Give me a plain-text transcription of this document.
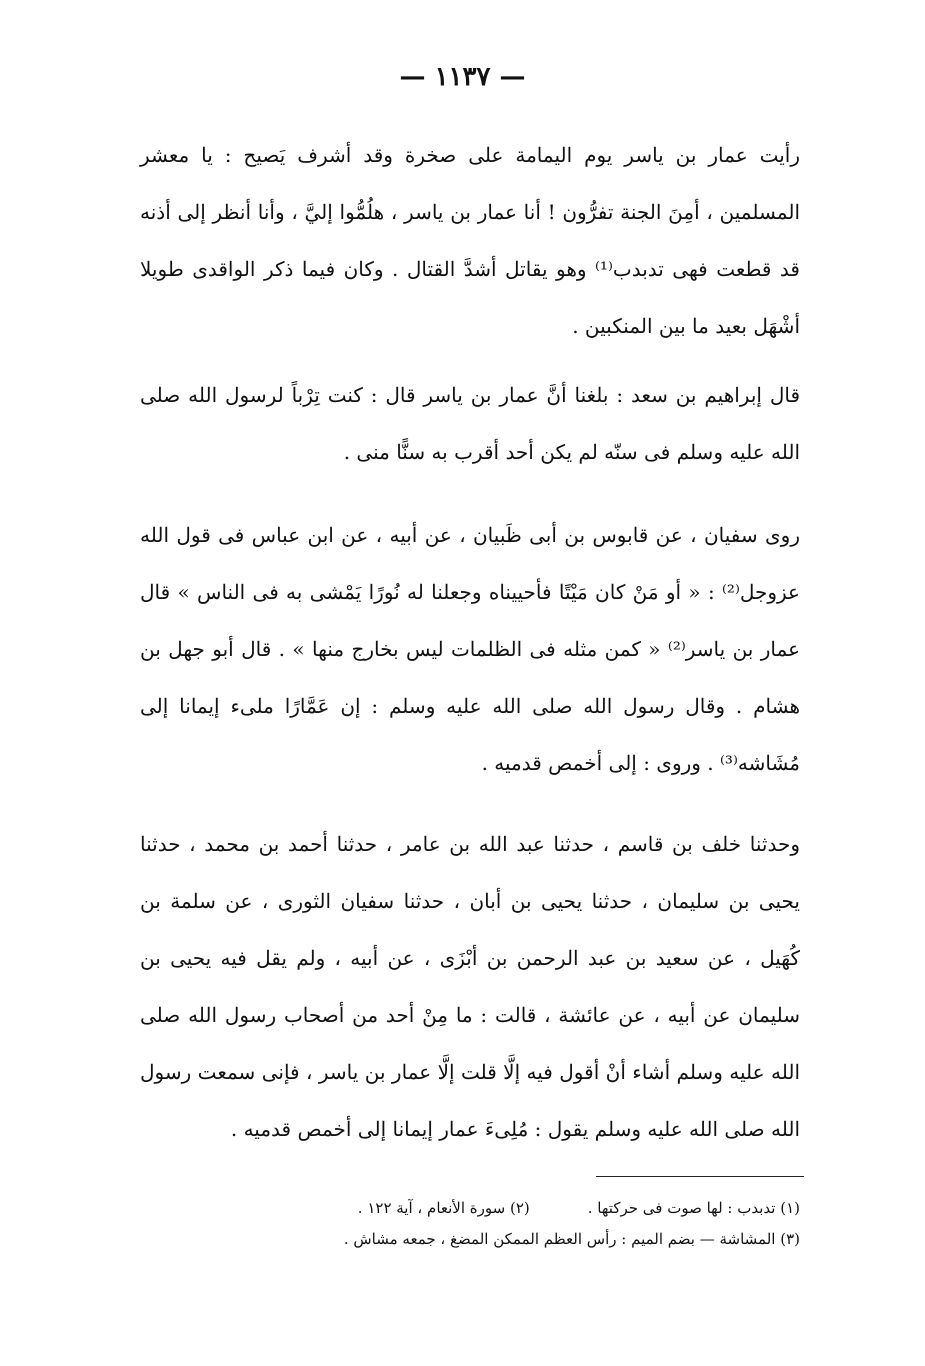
— ١١٣٧ —
رأيت عمار بن ياسر يوم اليمامة على صخرة وقد أشرف يَصيح : يا معشر المسلمين ، أمِنَ الجنة تفرُّون ! أنا عمار بن ياسر ، هلُمُّوا إليَّ ، وأنا أنظر إلى أذنه قد قطعت فهى تدبدب⁽¹⁾ وهو يقاتل أشدَّ القتال . وكان فيما ذكر الواقدى طويلا أشْهَل بعيد ما بين المنكبين .
قال إبراهيم بن سعد : بلغنا أنَّ عمار بن ياسر قال : كنت تِرْباً لرسول الله صلى الله عليه وسلم فى سنّه لم يكن أحد أقرب به سنًّا منى .
روى سفيان ، عن قابوس بن أبى ظَبيان ، عن أبيه ، عن ابن عباس فى قول الله عزوجل⁽²⁾ : « أو مَنْ كان مَيْتًا فأحييناه وجعلنا له نُورًا يَمْشى به فى الناس » قال عمار بن ياسر⁽²⁾ « كمن مثله فى الظلمات ليس بخارج منها » . قال أبو جهل بن هشام . وقال رسول الله صلى الله عليه وسلم : إن عَمَّارًا ملىء إيمانا إلى مُشَاشه⁽³⁾ . وروى : إلى أخمص قدميه .
وحدثنا خلف بن قاسم ، حدثنا عبد الله بن عامر ، حدثنا أحمد بن محمد ، حدثنا يحيى بن سليمان ، حدثنا يحيى بن أبان ، حدثنا سفيان الثورى ، عن سلمة بن كُهَيل ، عن سعيد بن عبد الرحمن بن أبْزَى ، عن أبيه ، ولم يقل فيه يحيى بن سليمان عن أبيه ، عن عائشة ، قالت : ما مِنْ أحد من أصحاب رسول الله صلى الله عليه وسلم أشاء أنْ أقول فيه إلَّا قلت إلَّا عمار بن ياسر ، فإنى سمعت رسول الله صلى الله عليه وسلم يقول : مُلِىءَ عمار إيمانا إلى أخمص قدميه .
(١) تدبدب : لها صوت فى حركتها .(٢) سورة الأنعام ، آية ١٢٢ .
(٣) المشاشة — بضم الميم : رأس العظم الممكن المضغ ، جمعه مشاش .
